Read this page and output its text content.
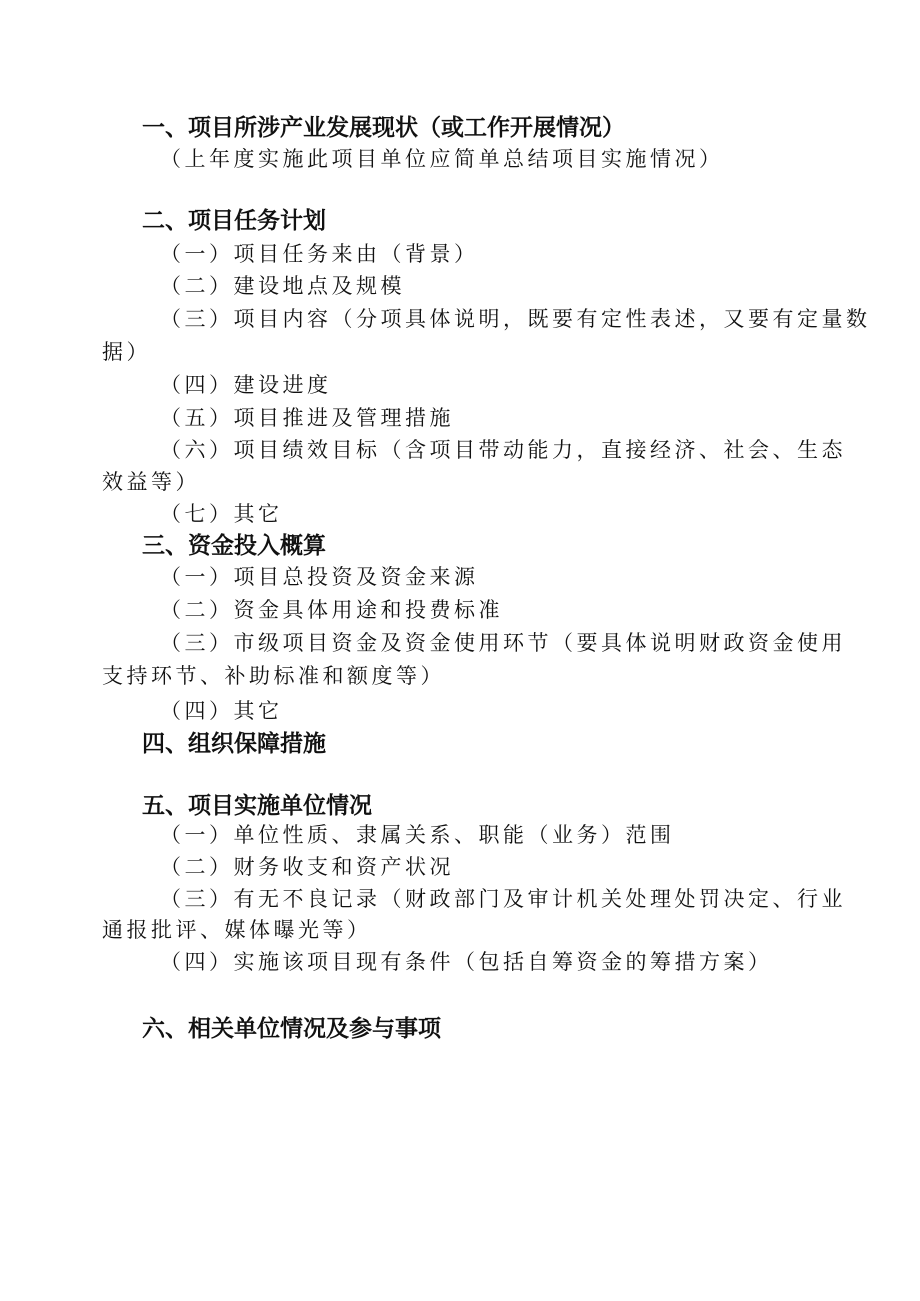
一、项目所涉产业发展现状（或工作开展情况）
（上年度实施此项目单位应简单总结项目实施情况）
二、项目任务计划
（一）项目任务来由（背景）
（二）建设地点及规模
（三）项目内容（分项具体说明，既要有定性表述，又要有定量数
据）
（四）建设进度
（五）项目推进及管理措施
（六）项目绩效目标（含项目带动能力，直接经济、社会、生态
效益等）
（七）其它
三、资金投入概算
（一）项目总投资及资金来源
（二）资金具体用途和投费标准
（三）市级项目资金及资金使用环节（要具体说明财政资金使用
支持环节、补助标准和额度等）
（四）其它
四、组织保障措施
五、项目实施单位情况
（一）单位性质、隶属关系、职能（业务）范围
（二）财务收支和资产状况
（三）有无不良记录（财政部门及审计机关处理处罚决定、行业
通报批评、媒体曝光等）
（四）实施该项目现有条件（包括自筹资金的筹措方案）
六、相关单位情况及参与事项
